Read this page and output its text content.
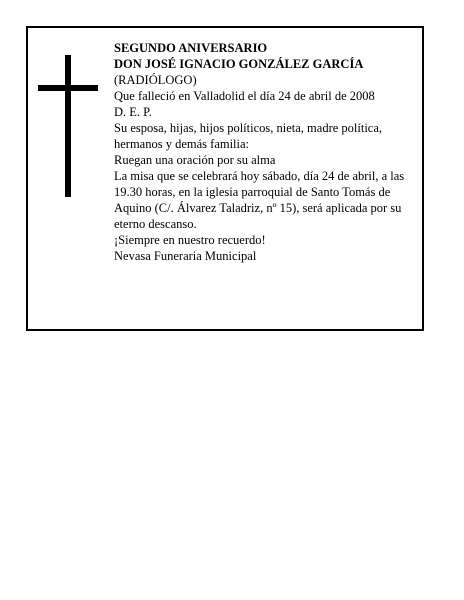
SEGUNDO ANIVERSARIO

DON JOSÉ IGNACIO GONZÁLEZ GARCÍA

(RADIÓLOGO)

Que falleció en Valladolid el día 24 de abril de 2008

D. E. P.

Su esposa, hijas, hijos políticos, nieta, madre política, hermanos y demás familia:

Ruegan una oración por su alma

La misa que se celebrará hoy sábado, día 24 de abril, a las 19.30 horas, en la iglesia parroquial de Santo Tomás de Aquino (C/. Álvarez Taladriz, nº 15), será aplicada por su eterno descanso.

¡Siempre en nuestro recuerdo!

Nevasa Funeraria Municipal
